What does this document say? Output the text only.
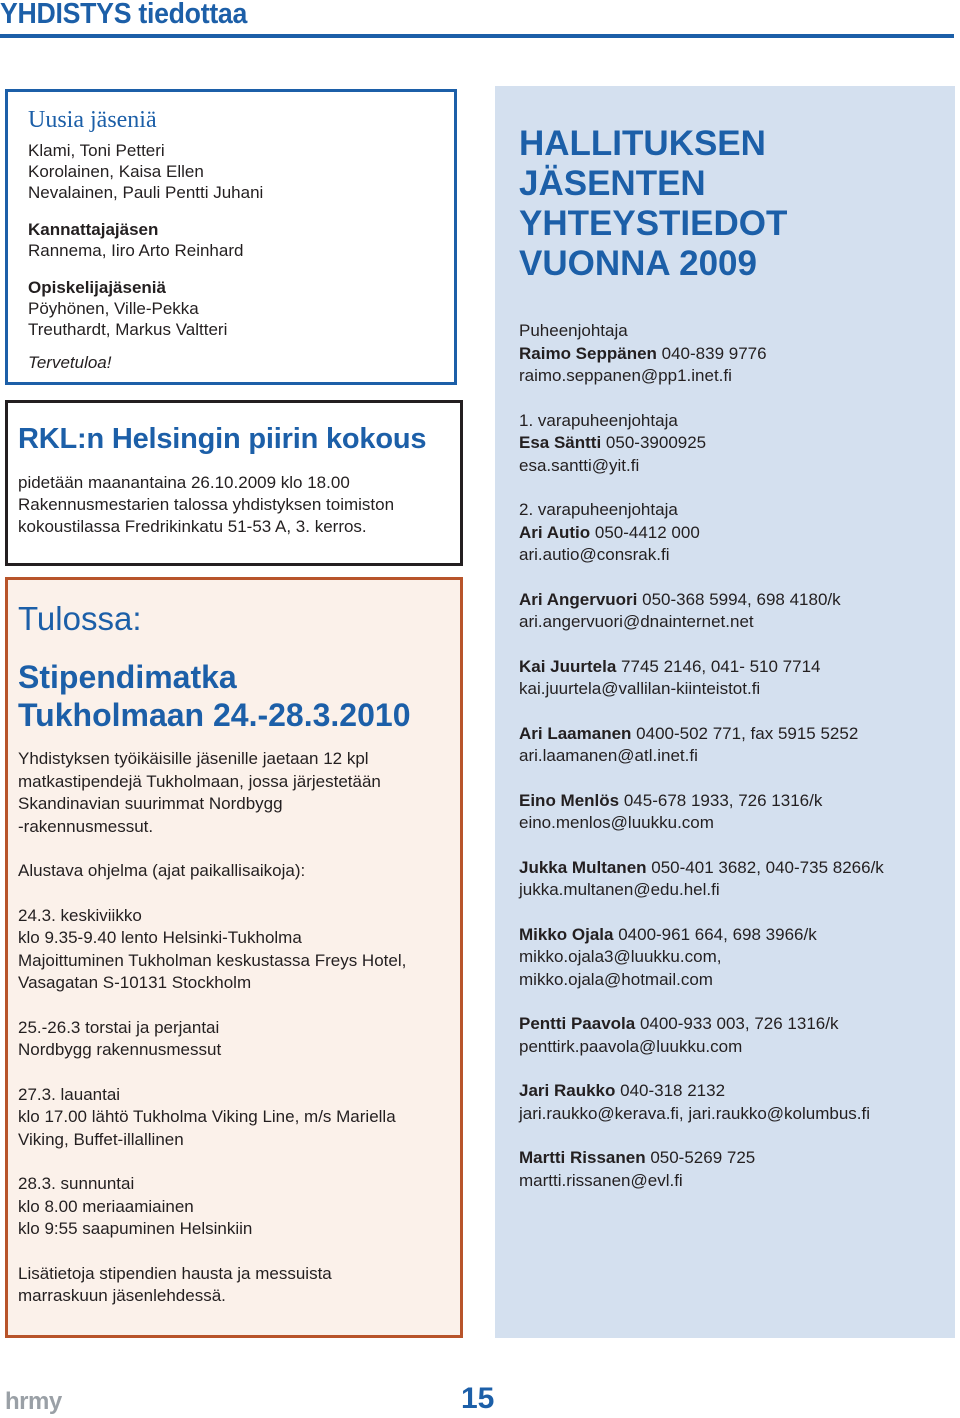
YHDISTYS tiedottaa
Uusia jäseniä
Klami, Toni Petteri
Korolainen, Kaisa Ellen
Nevalainen, Pauli Pentti Juhani
Kannattajajäsen
Rannema, Iiro Arto Reinhard
Opiskelijajäseniä
Pöyhönen, Ville-Pekka
Treuthardt, Markus Valtteri
Tervetuloa!
RKL:n Helsingin piirin kokous
pidetään maanantaina 26.10.2009 klo 18.00
Rakennusmestarien talossa yhdistyksen toimiston
kokoustilassa Fredrikinkatu 51-53 A, 3. kerros.
Tulossa:
Stipendimatka
Tukholmaan 24.-28.3.2010
Yhdistyksen työikäisille jäsenille jaetaan 12 kpl
matkastipendejä Tukholmaan, jossa järjestetään
Skandinavian suurimmat Nordbygg
-rakennusmessut.
Alustava ohjelma (ajat paikallisaikoja):
24.3. keskiviikko
klo 9.35-9.40 lento Helsinki-Tukholma
Majoittuminen Tukholman keskustassa Freys Hotel,
Vasagatan S-10131 Stockholm
25.-26.3 torstai ja perjantai
Nordbygg rakennusmessut
27.3. lauantai
klo 17.00 lähtö Tukholma Viking Line, m/s Mariella
Viking, Buffet-illallinen
28.3. sunnuntai
klo 8.00 meriaamiainen
klo 9:55 saapuminen Helsinkiin
Lisätietoja stipendien hausta ja messuista
marraskuun jäsenlehdessä.
HALLITUKSEN
JÄSENTEN
YHTEYSTIEDOT
VUONNA 2009
Puheenjohtaja
Raimo Seppänen 040-839 9776
raimo.seppanen@pp1.inet.fi
1. varapuheenjohtaja
Esa Säntti 050-3900925
esa.santti@yit.fi
2. varapuheenjohtaja
Ari Autio 050-4412 000
ari.autio@consrak.fi
Ari Angervuori 050-368 5994, 698 4180/k
ari.angervuori@dnainternet.net
Kai Juurtela 7745 2146, 041- 510 7714
kai.juurtela@vallilan-kiinteistot.fi
Ari Laamanen 0400-502 771, fax 5915 5252
ari.laamanen@atl.inet.fi
Eino Menlös 045-678 1933, 726 1316/k
eino.menlos@luukku.com
Jukka Multanen 050-401 3682, 040-735 8266/k
jukka.multanen@edu.hel.fi
Mikko Ojala 0400-961 664, 698 3966/k
mikko.ojala3@luukku.com,
mikko.ojala@hotmail.com
Pentti Paavola 0400-933 003, 726 1316/k
penttirk.paavola@luukku.com
Jari Raukko 040-318 2132
jari.raukko@kerava.fi, jari.raukko@kolumbus.fi
Martti Rissanen 050-5269 725
martti.rissanen@evl.fi
hrmy	15
